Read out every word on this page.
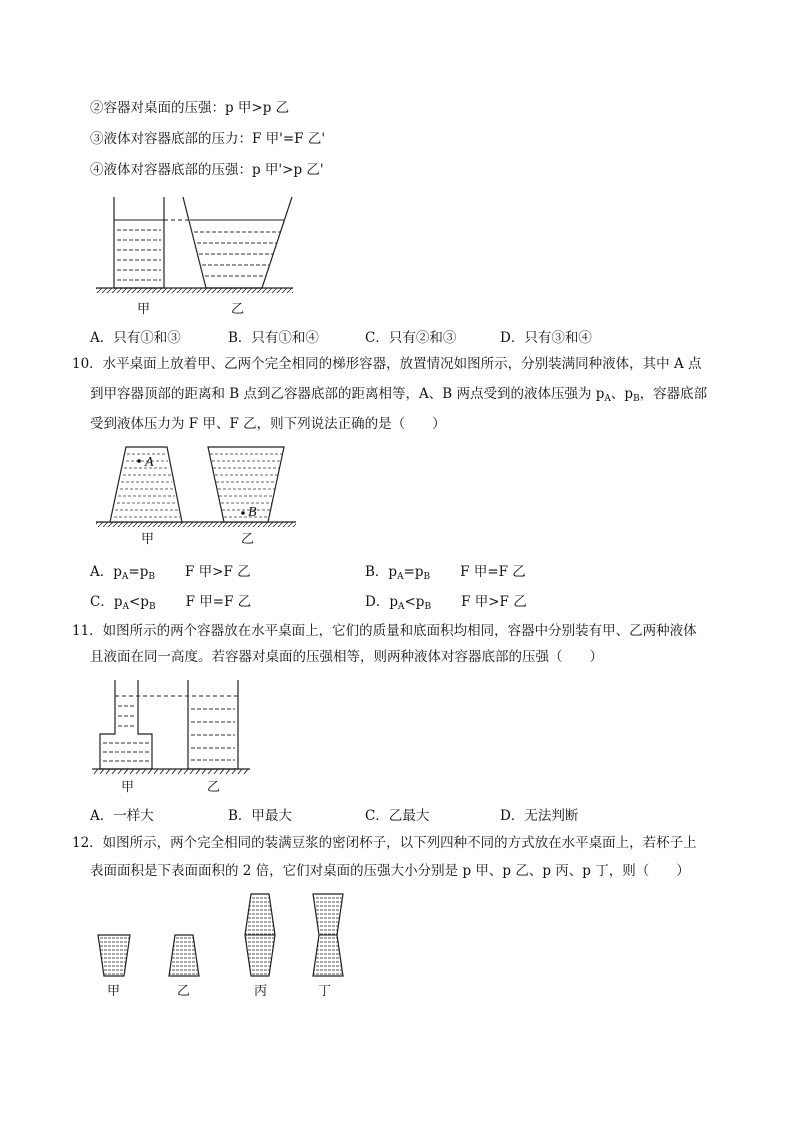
②容器对桌面的压强：p 甲>p 乙
③液体对容器底部的压力：F 甲'=F 乙'
④液体对容器底部的压强：p 甲'>p 乙'
甲	乙
A．只有①和③	B．只有①和④	C．只有②和③	D．只有③和④
10．水平桌面上放着甲、乙两个完全相同的梯形容器，放置情况如图所示，分别装满同种液体，其中 A 点
到甲容器顶部的距离和 B 点到乙容器底部的距离相等，A、B 两点受到的液体压强为 $p_A$、$p_B$，容器底部
受到液体压力为 F 甲、F 乙，则下列说法正确的是（　　）
A
B
甲	乙
A．$p_A=p_B$ F 甲>F 乙	B．$p_A=p_B$ F 甲=F 乙
C．$p_A<p_B$ F 甲=F 乙	D．$p_A<p_B$ F 甲>F 乙
11．如图所示的两个容器放在水平桌面上，它们的质量和底面积均相同，容器中分别装有甲、乙两种液体
且液面在同一高度。若容器对桌面的压强相等，则两种液体对容器底部的压强（　　）
甲	乙
A．一样大	B．甲最大	C．乙最大	D．无法判断
12．如图所示，两个完全相同的装满豆浆的密闭杯子，以下列四种不同的方式放在水平桌面上，若杯子上
表面面积是下表面面积的 2 倍，它们对桌面的压强大小分别是 p 甲、p 乙、p 丙、p 丁，则（　　）
甲	乙	丙	丁
